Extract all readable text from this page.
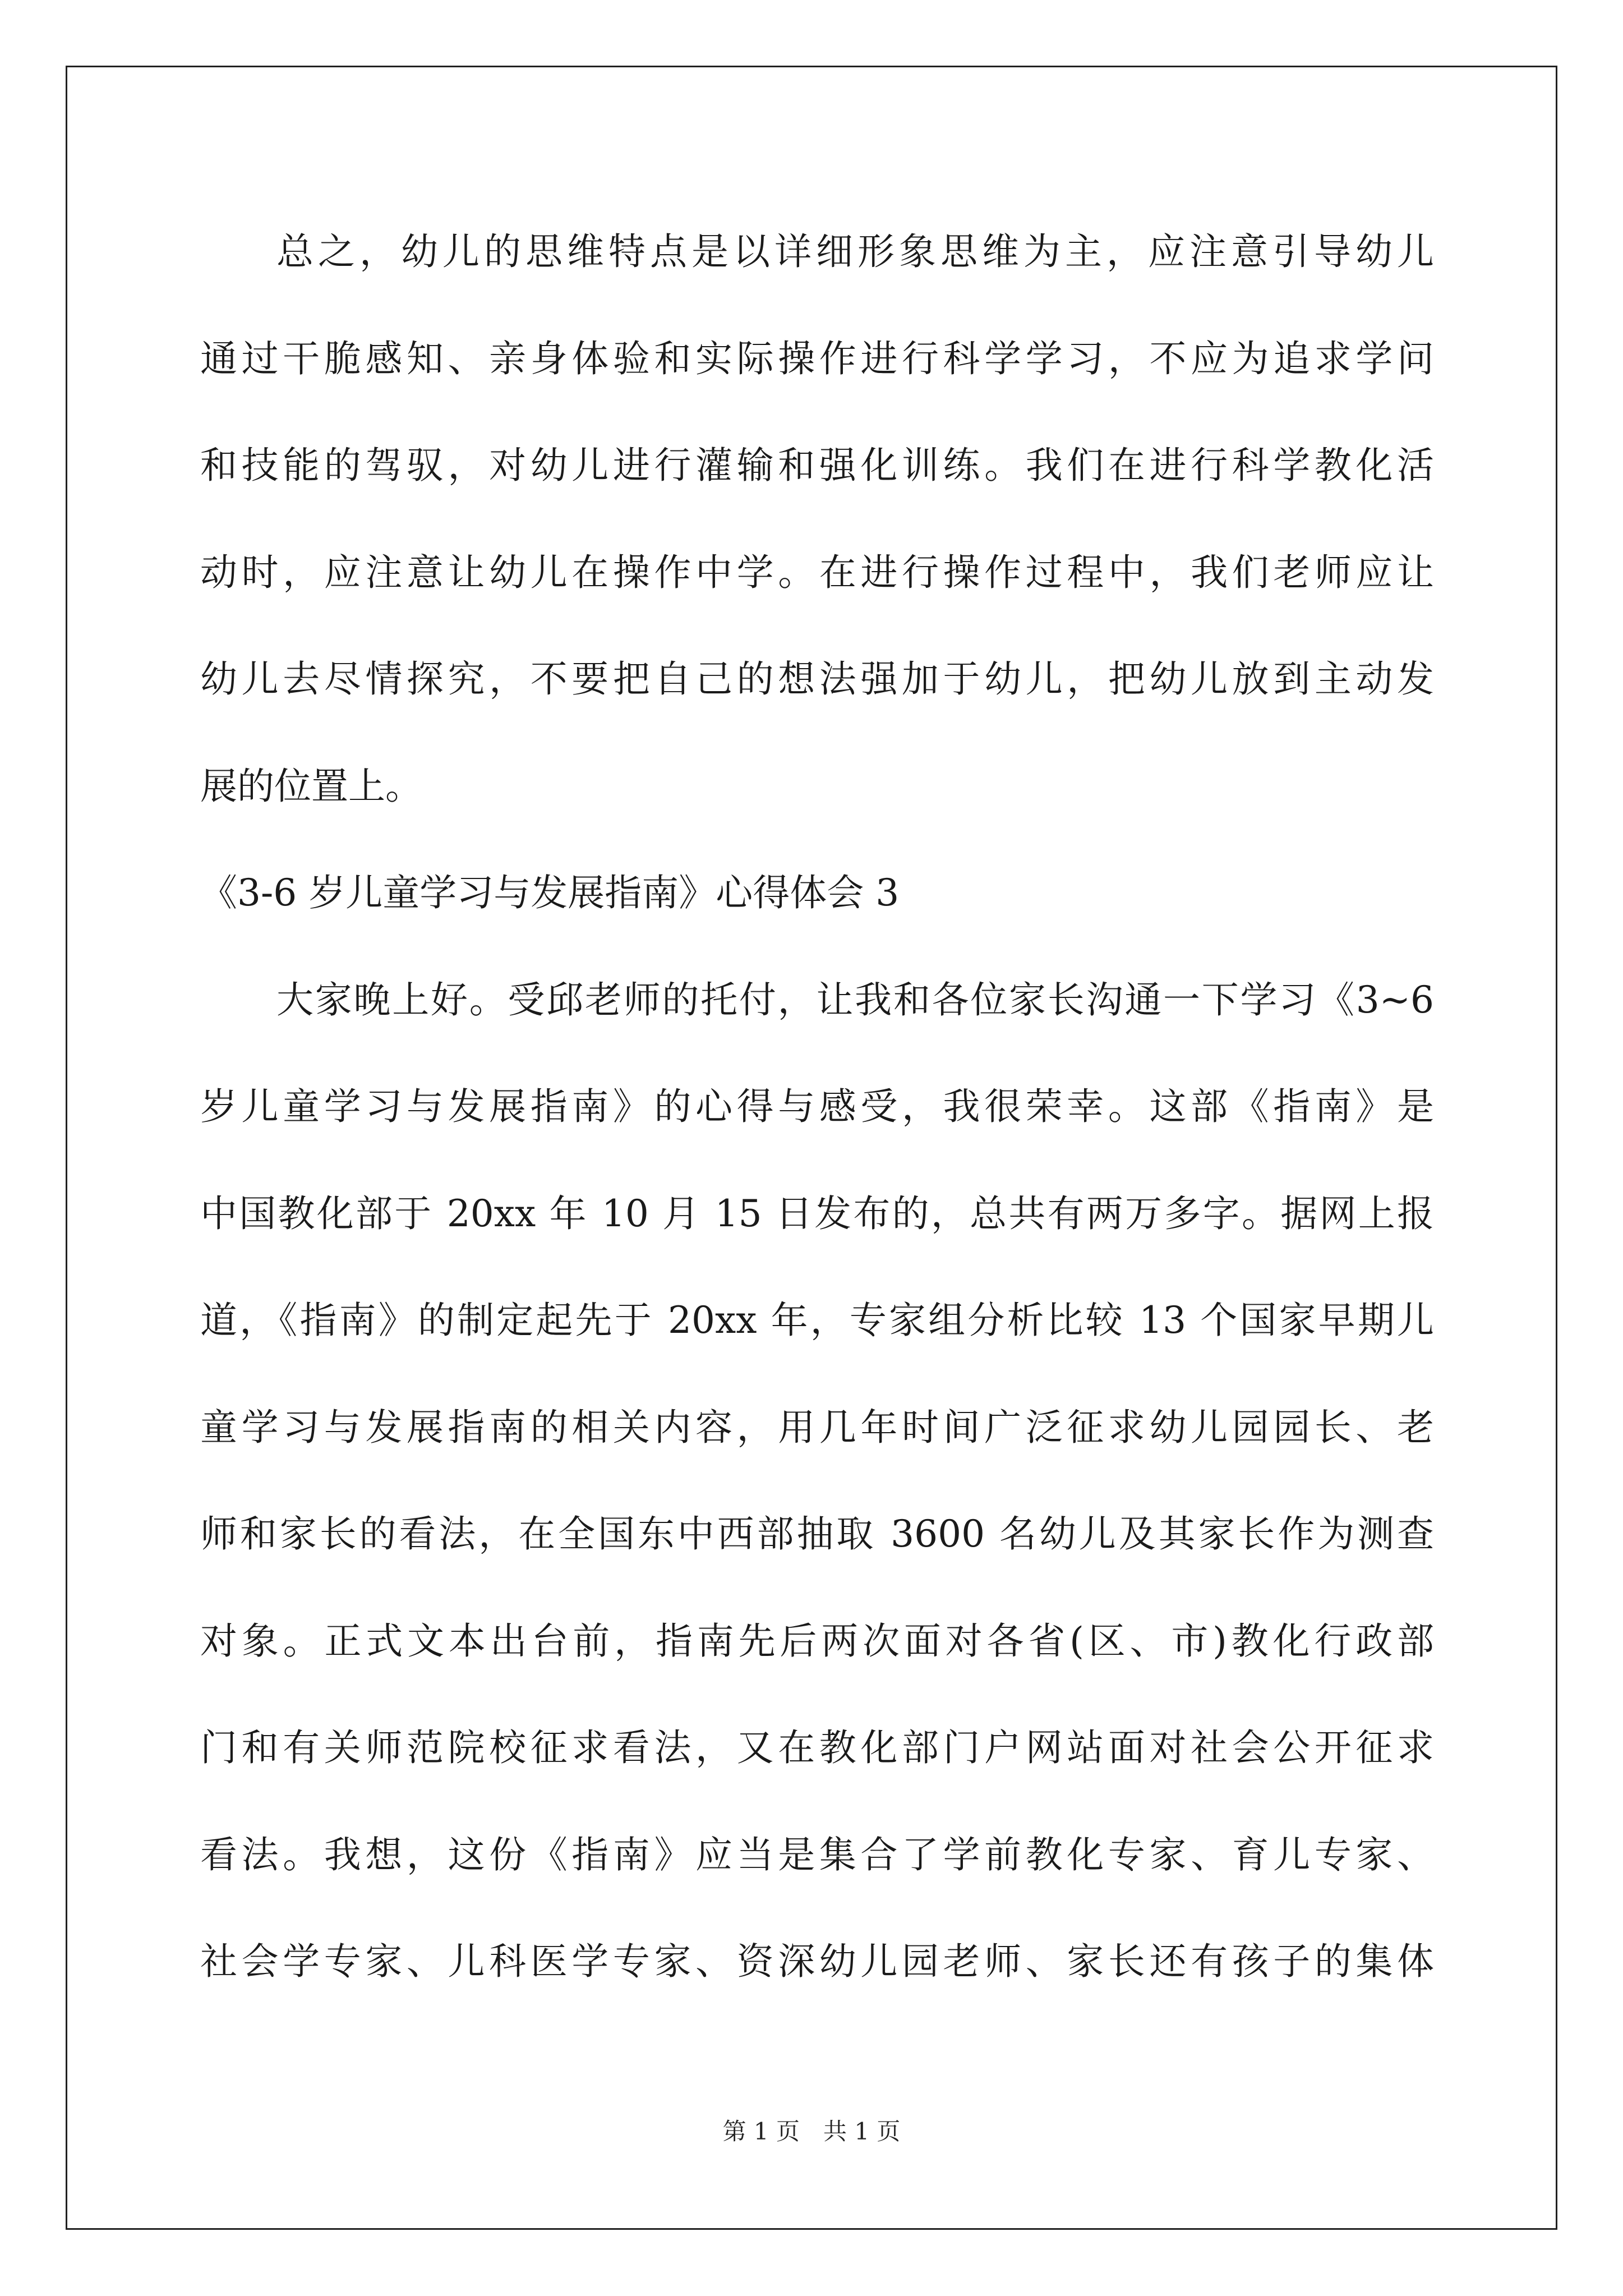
总之，幼儿的思维特点是以详细形象思维为主，应注意引导幼儿
通过干脆感知、亲身体验和实际操作进行科学学习，不应为追求学问
和技能的驾驭，对幼儿进行灌输和强化训练。我们在进行科学教化活
动时，应注意让幼儿在操作中学。在进行操作过程中，我们老师应让
幼儿去尽情探究，不要把自己的想法强加于幼儿，把幼儿放到主动发
展的位置上。
《3-6 岁儿童学习与发展指南》心得体会 3
大家晚上好。受邱老师的托付，让我和各位家长沟通一下学习《3~6
岁儿童学习与发展指南》的心得与感受，我很荣幸。这部《指南》是
中国教化部于 20xx 年 10 月 15 日发布的，总共有两万多字。据网上报
道，《指南》的制定起先于 20xx 年，专家组分析比较 13 个国家早期儿
童学习与发展指南的相关内容，用几年时间广泛征求幼儿园园长、老
师和家长的看法，在全国东中西部抽取 3600 名幼儿及其家长作为测查
对象。正式文本出台前，指南先后两次面对各省(区、市)教化行政部
门和有关师范院校征求看法，又在教化部门户网站面对社会公开征求
看法。我想，这份《指南》应当是集合了学前教化专家、育儿专家、
社会学专家、儿科医学专家、资深幼儿园老师、家长还有孩子的集体
第 1 页 共 1 页
